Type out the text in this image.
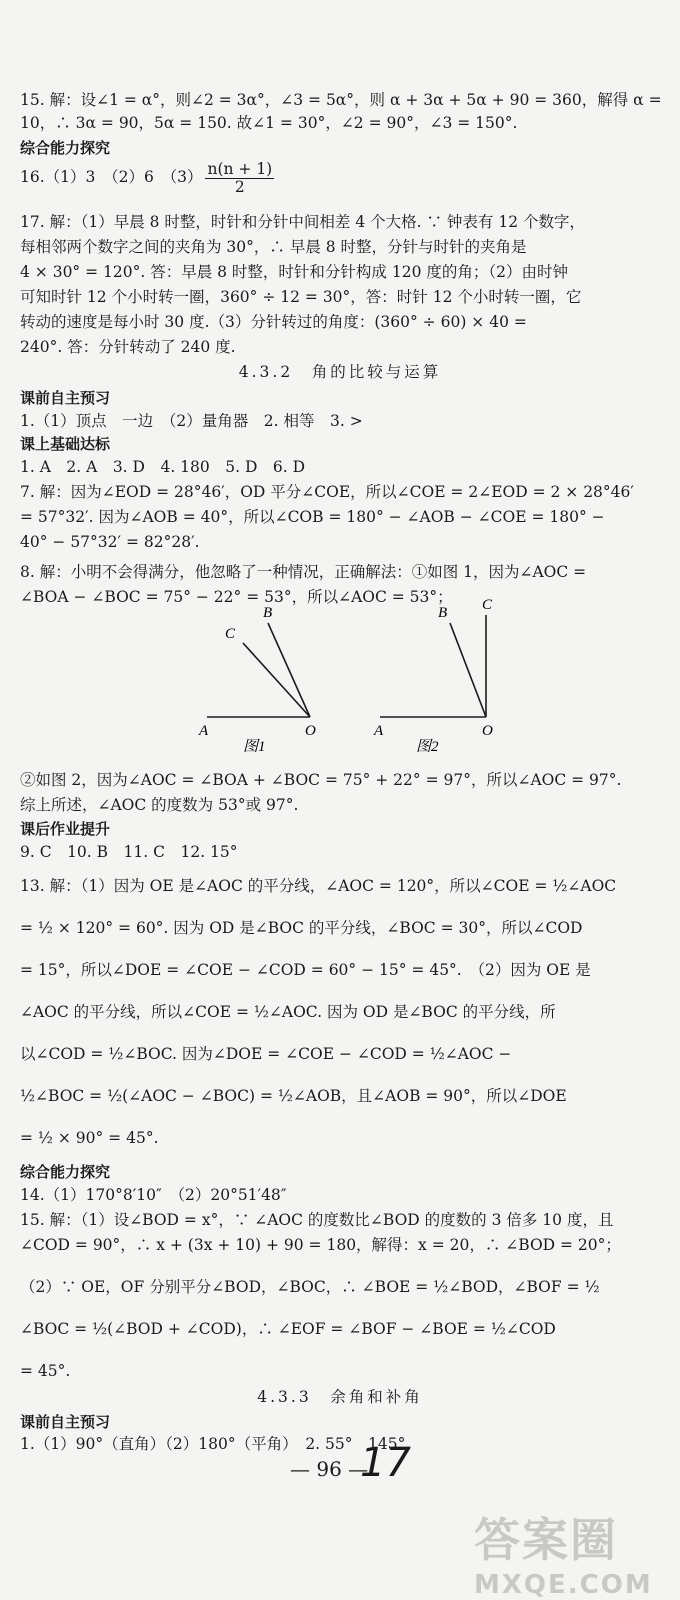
15. 解：设∠1 = α°，则∠2 = 3α°，∠3 = 5α°，则 α + 3α + 5α + 90 = 360，解得 α =
10，∴ 3α = 90，5α = 150. 故∠1 = 30°，∠2 = 90°，∠3 = 150°.
综合能力探究
16.（1）3　（2）6　$(3) \frac{n(n + 1)}{2}$
17. 解：（1）早晨 8 时整，时针和分针中间相差 4 个大格. ∵ 钟表有 12 个数字，
每相邻两个数字之间的夹角为 30°，∴ 早晨 8 时整，分针与时针的夹角是
4 × 30° = 120°. 答：早晨 8 时整，时针和分针构成 120 度的角；（2）由时钟
可知时针 12 个小时转一圈，360° ÷ 12 = 30°，答：时针 12 个小时转一圈，它
转动的速度是每小时 30 度.（3）分针转过的角度：(360° ÷ 60) × 40 =
240°. 答：分针转动了 240 度.
4.3.2　角的比较与运算
课前自主预习
1.（1）顶点　一边　（2）量角器　2. 相等　3. >
课上基础达标
1. A　2. A　3. D　4. 180　5. D　6. D
7. 解：因为∠EOD = 28°46′，OD 平分∠COE，所以∠COE = 2∠EOD = 2 × 28°46′
= 57°32′. 因为∠AOB = 40°，所以∠COB = 180° − ∠AOB − ∠COE = 180° −
40° − 57°32′ = 82°28′.
8. 解：小明不会得满分，他忽略了一种情况，正确解法：①如图 1，因为∠AOC =
∠BOA − ∠BOC = 75° − 22° = 53°，所以∠AOC = 53°；
A
B
C
O
图1
A
B C
O
图2
②如图 2，因为∠AOC = ∠BOA + ∠BOC = 75° + 22° = 97°，所以∠AOC = 97°.
综上所述，∠AOC 的度数为 53°或 97°.
课后作业提升
9. C　10. B　11. C　12. 15°
13. 解：（1）因为 OE 是∠AOC 的平分线，∠AOC = 120°，所以∠COE = ½∠AOC
= ½ × 120° = 60°. 因为 OD 是∠BOC 的平分线，∠BOC = 30°，所以∠COD
= 15°，所以∠DOE = ∠COE − ∠COD = 60° − 15° = 45°.　（2）因为 OE 是
∠AOC 的平分线，所以∠COE = ½∠AOC. 因为 OD 是∠BOC 的平分线，所
以∠COD = ½∠BOC. 因为∠DOE = ∠COE − ∠COD = ½∠AOC −
½∠BOC = ½(∠AOC − ∠BOC) = ½∠AOB，且∠AOB = 90°，所以∠DOE
= ½ × 90° = 45°.
综合能力探究
14.（1）170°8′10″　（2）20°51′48″
15. 解：（1）设∠BOD = x°，∵ ∠AOC 的度数比∠BOD 的度数的 3 倍多 10 度，且
∠COD = 90°，∴ x + (3x + 10) + 90 = 180，解得：x = 20，∴ ∠BOD = 20°；
（2）∵ OE，OF 分别平分∠BOD，∠BOC，∴ ∠BOE = ½∠BOD，∠BOF = ½
∠BOC = ½(∠BOD + ∠COD)，∴ ∠EOF = ∠BOF − ∠BOE = ½∠COD
= 45°.
4.3.3　余角和补角
课前自主预习
1.（1）90°（直角）（2）180°（平角）　2. 55°　145°
— 96 —
17
答案圈
MXQE.COM
